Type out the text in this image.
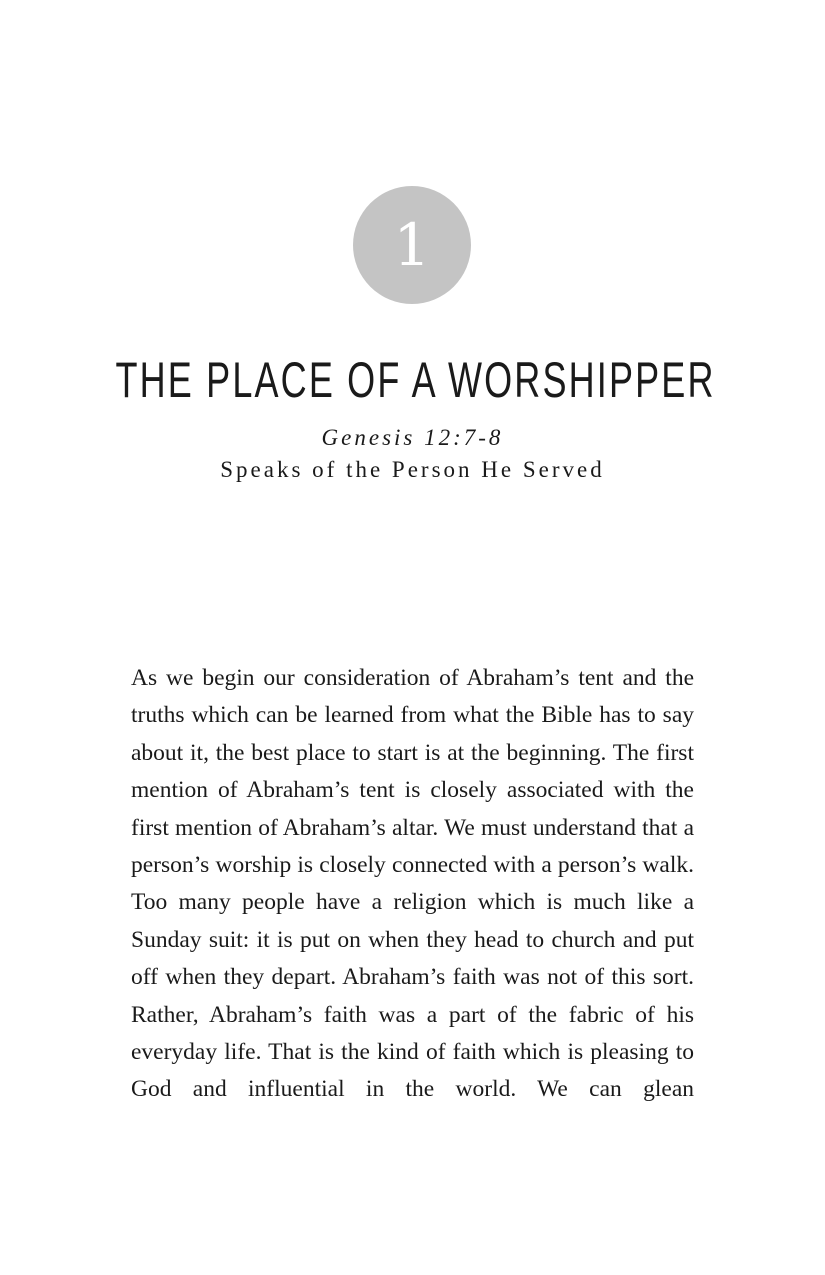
1
THE PLACE OF A WORSHIPPER
Genesis 12:7-8
Speaks of the Person He Served

As we begin our consideration of Abraham’s tent and the truths which can be learned from what the Bible has to say about it, the best place to start is at the beginning. The first mention of Abraham’s tent is closely associated with the first mention of Abraham’s altar. We must understand that a person’s worship is closely connected with a person’s walk. Too many people have a religion which is much like a Sunday suit: it is put on when they head to church and put off when they depart. Abraham’s faith was not of this sort. Rather, Abraham’s faith was a part of the fabric of his everyday life. That is the kind of faith which is pleasing to God and influential in the world. We can glean
